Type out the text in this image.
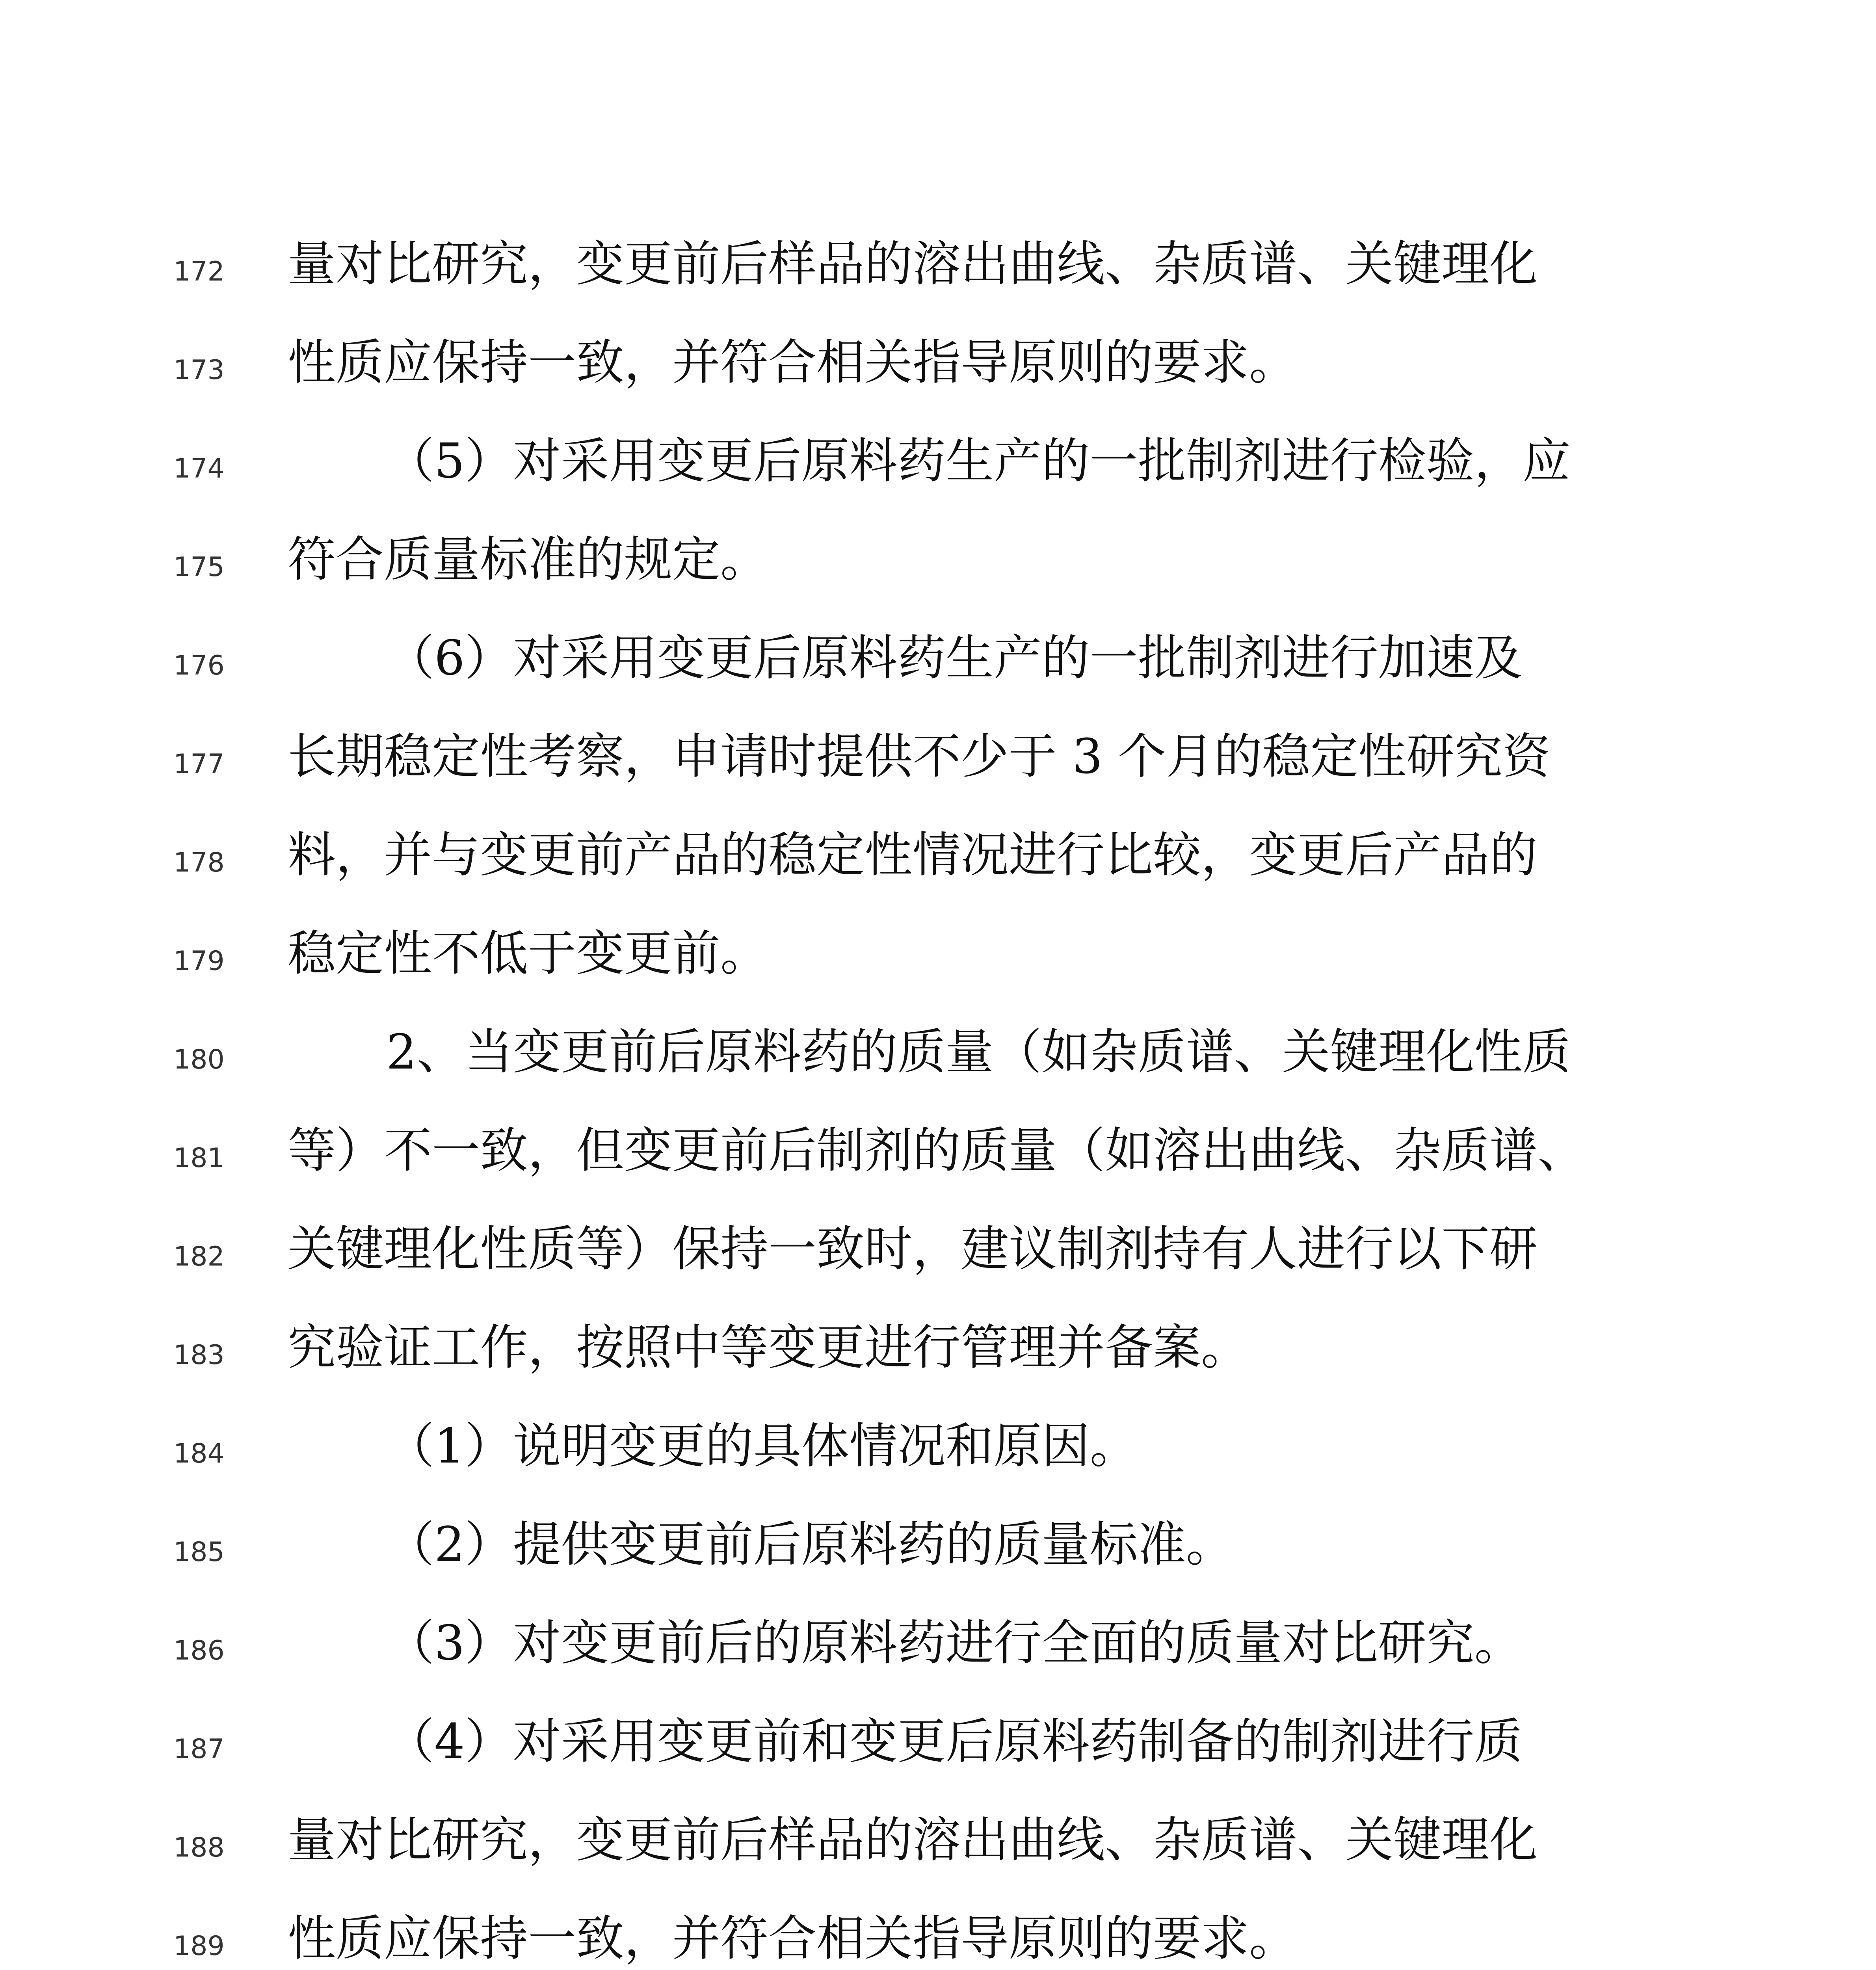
172 量对比研究，变更前后样品的溶出曲线、杂质谱、关键理化
173 性质应保持一致，并符合相关指导原则的要求。
174	（5）对采用变更后原料药生产的一批制剂进行检验，应
175 符合质量标准的规定。
176	（6）对采用变更后原料药生产的一批制剂进行加速及
177 长期稳定性考察，申请时提供不少于 3 个月的稳定性研究资
178 料，并与变更前产品的稳定性情况进行比较，变更后产品的
179 稳定性不低于变更前。
180	2、当变更前后原料药的质量（如杂质谱、关键理化性质
181 等）不一致，但变更前后制剂的质量（如溶出曲线、杂质谱、
182 关键理化性质等）保持一致时，建议制剂持有人进行以下研
183 究验证工作，按照中等变更进行管理并备案。
184	（1）说明变更的具体情况和原因。
185	（2）提供变更前后原料药的质量标准。
186	（3）对变更前后的原料药进行全面的质量对比研究。
187	（4）对采用变更前和变更后原料药制备的制剂进行质
188 量对比研究，变更前后样品的溶出曲线、杂质谱、关键理化
189 性质应保持一致，并符合相关指导原则的要求。
